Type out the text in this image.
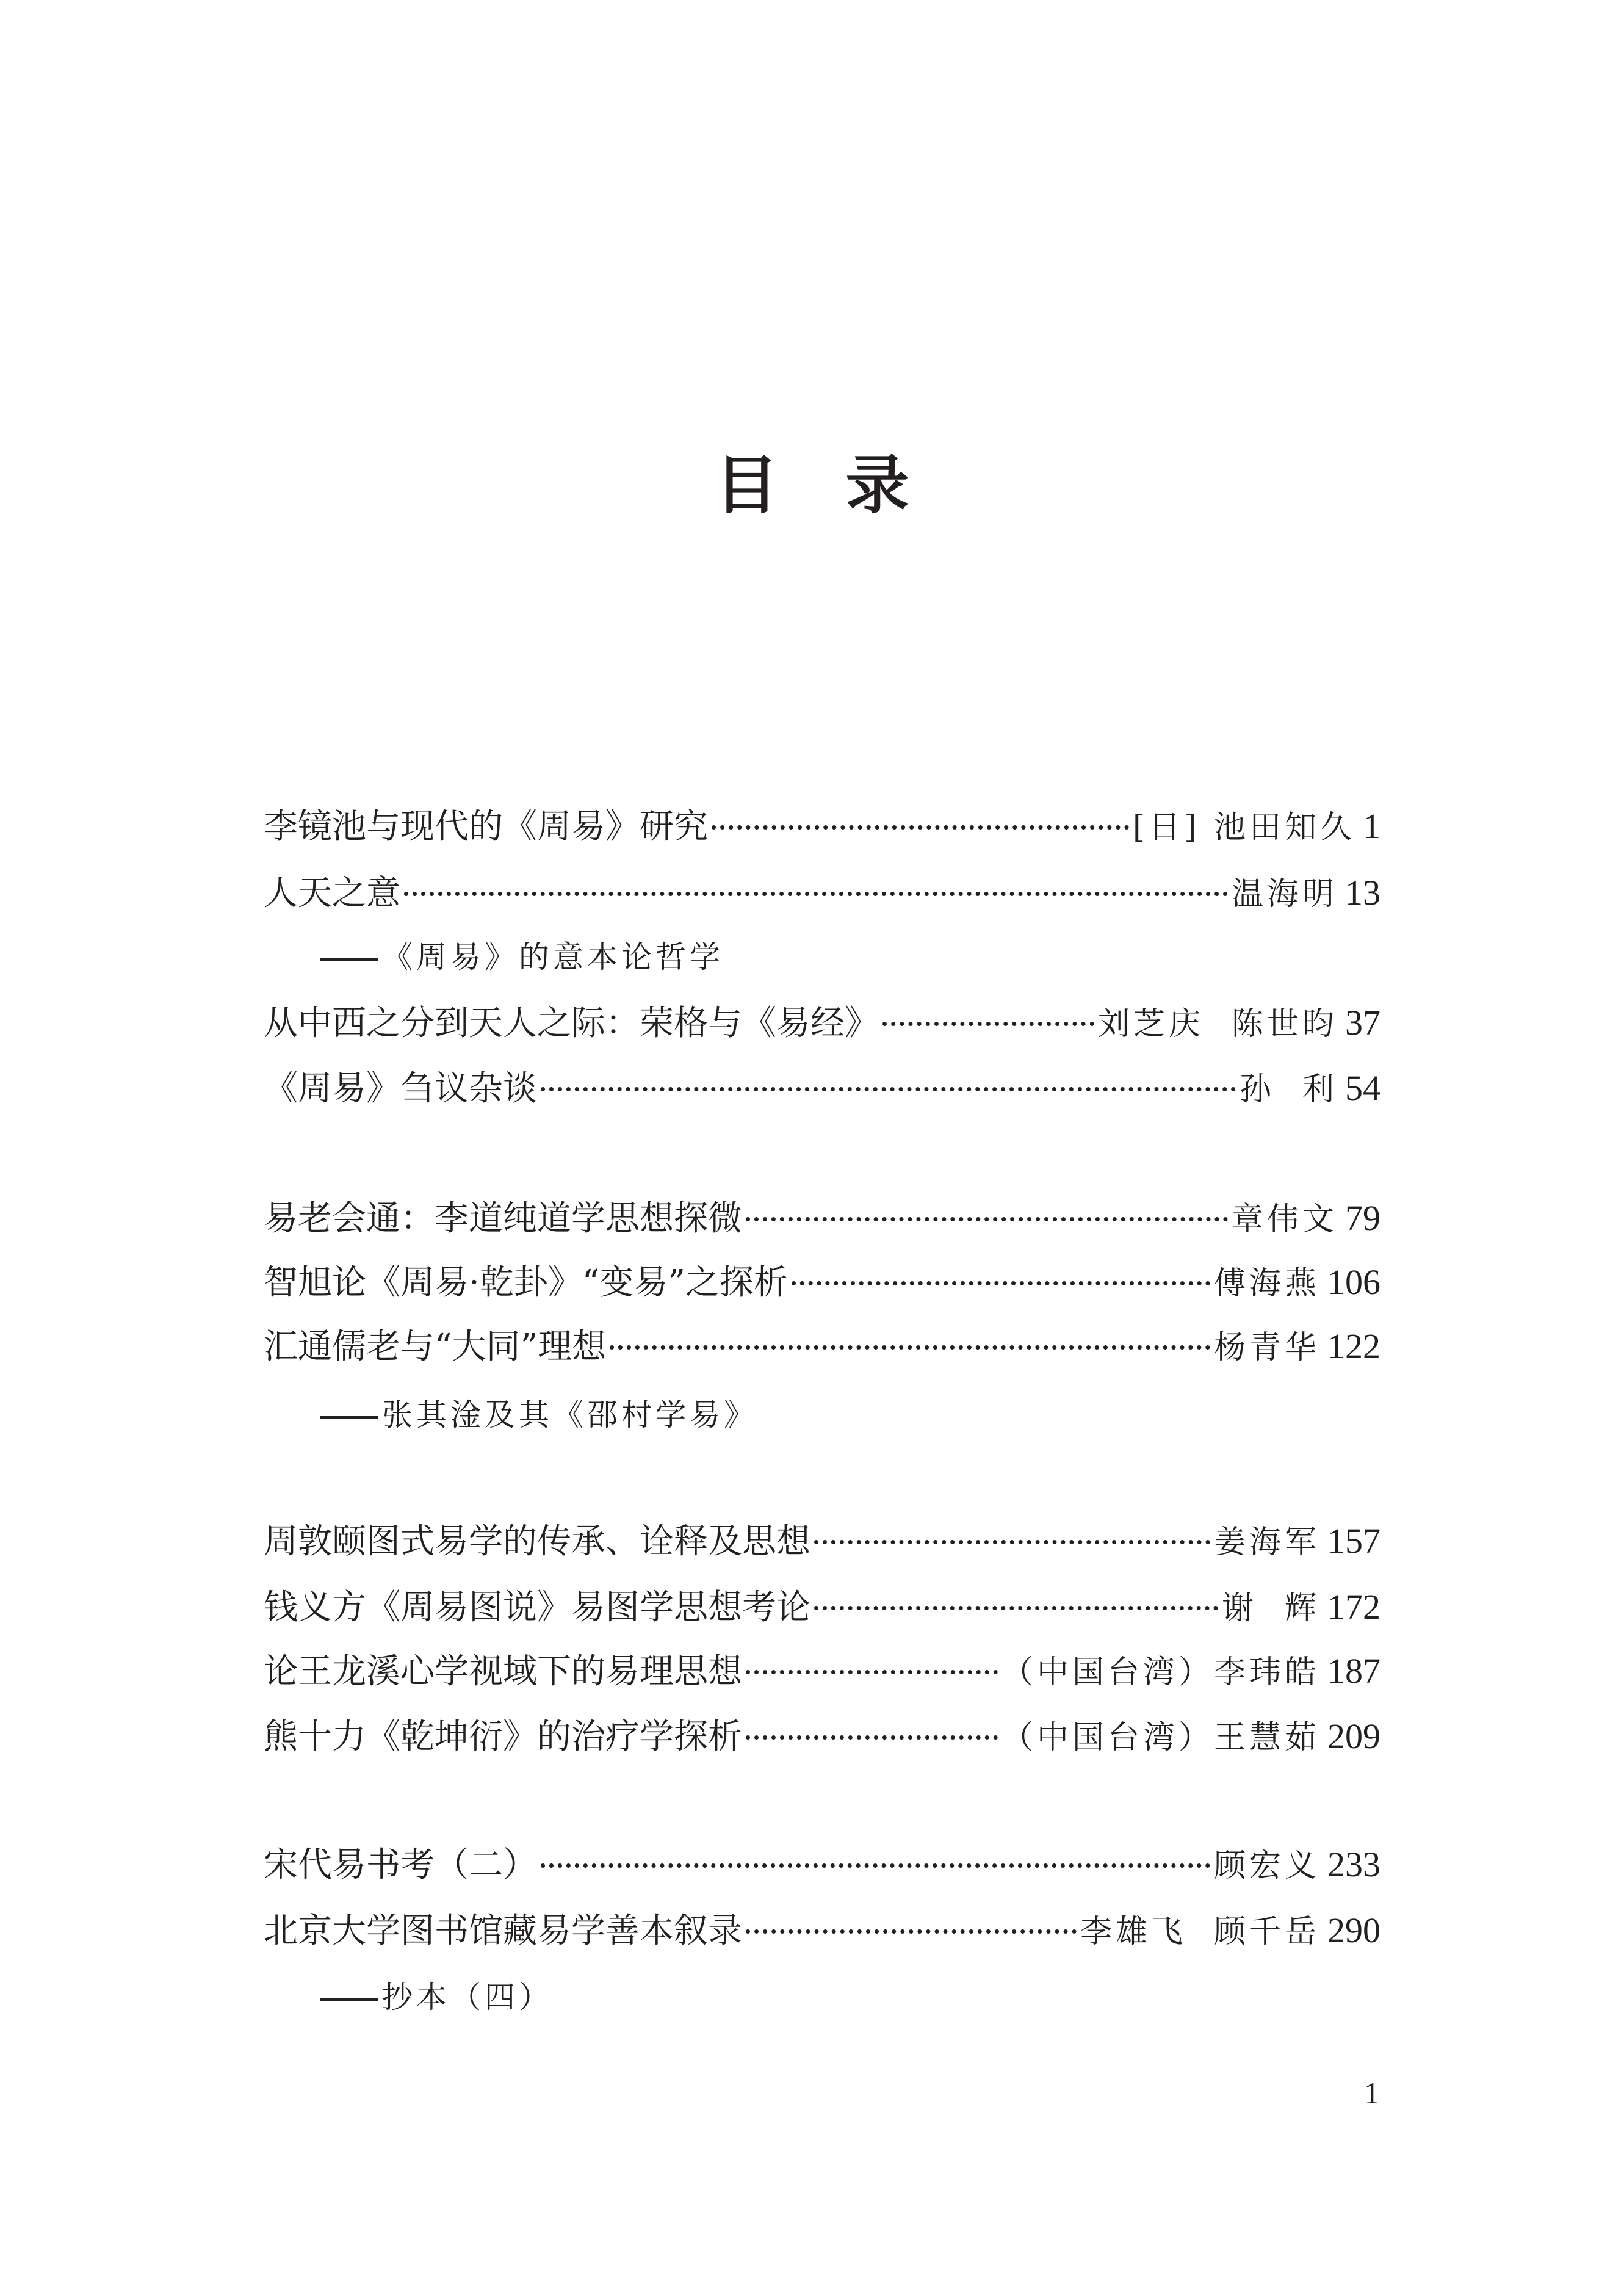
目录
李镜池与现代的《周易》研究	[日] 池田知久 1
人天之意	温海明 13
《周易》的意本论哲学
从中西之分到天人之际：荣格与《易经》	刘芝庆  陈世昀 37
《周易》刍议杂谈	孙  利 54
易老会通：李道纯道学思想探微	章伟文 79
智旭论《周易·乾卦》“变易”之探析	傅海燕 106
汇通儒老与“大同”理想	杨青华 122
张其淦及其《邵村学易》
周敦颐图式易学的传承、诠释及思想	姜海军 157
钱义方《周易图说》易图学思想考论	谢  辉 172
论王龙溪心学视域下的易理思想	（中国台湾）李玮皓 187
熊十力《乾坤衍》的治疗学探析	（中国台湾）王慧茹 209
宋代易书考（二）	顾宏义 233
北京大学图书馆藏易学善本叙录	李雄飞  顾千岳 290
抄本（四）
1
